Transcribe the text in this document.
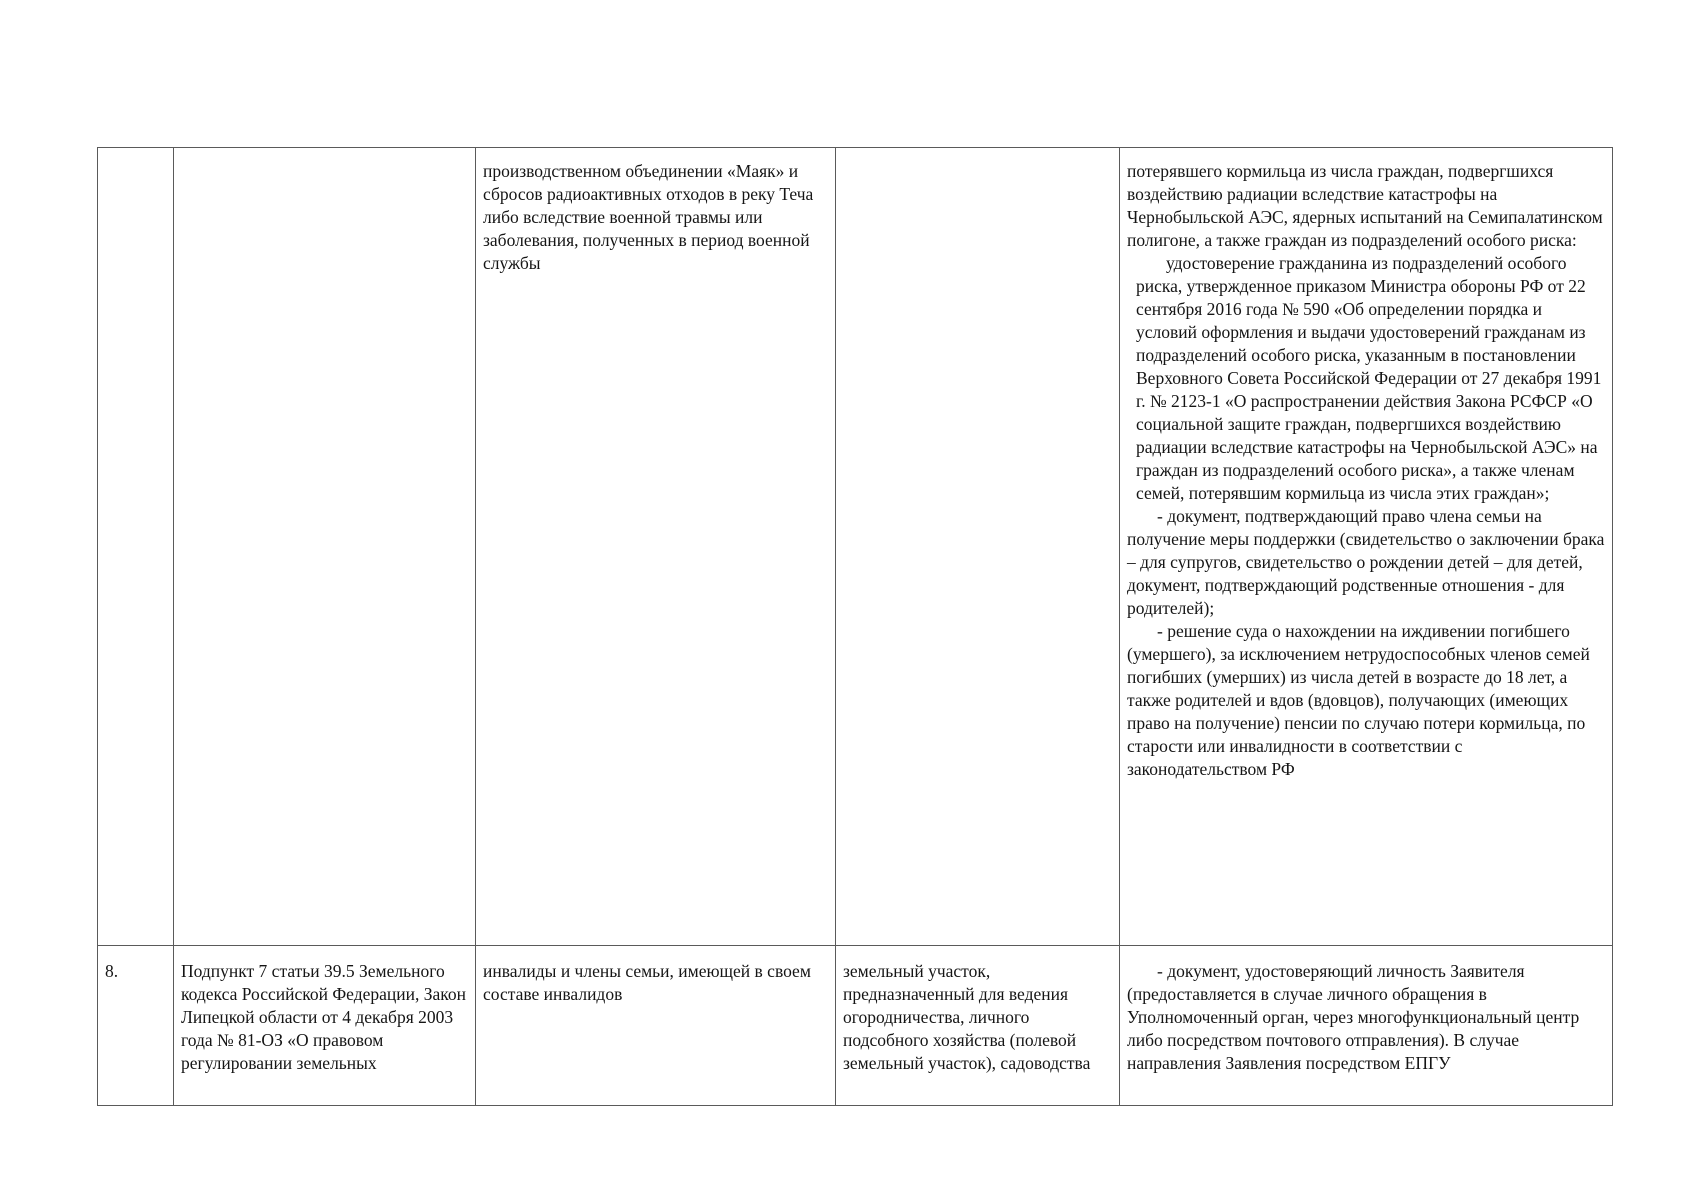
		производственном объединении «Маяк» и сбросов радиоактивных отходов в реку Теча либо вследствие военной травмы или заболевания, полученных в период военной службы		потерявшего кормильца из числа граждан, подвергшихся воздействию радиации вследствие катастрофы на Чернобыльской АЭС, ядерных испытаний на Семипалатинском полигоне, а также граждан из подразделений особого риска:

удостоверение гражданина из подразделений особого риска, утвержденное приказом Министра обороны РФ от 22 сентября 2016 года № 590 «Об определении порядка и условий оформления и выдачи удостоверений гражданам из подразделений особого риска, указанным в постановлении Верховного Совета Российской Федерации от 27 декабря 1991 г. № 2123-1 «О распространении действия Закона РСФСР «О социальной защите граждан, подвергшихся воздействию радиации вследствие катастрофы на Чернобыльской АЭС» на граждан из подразделений особого риска», а также членам семей, потерявшим кормильца из числа этих граждан»;

- документ, подтверждающий право члена семьи на получение меры поддержки (свидетельство о заключении брака – для супругов, свидетельство о рождении детей – для детей, документ, подтверждающий родственные отношения - для родителей);

- решение суда о нахождении на иждивении погибшего (умершего), за исключением нетрудоспособных членов семей погибших (умерших) из числа детей в возрасте до 18 лет, а также родителей и вдов (вдовцов), получающих (имеющих право на получение) пенсии по случаю потери кормильца, по старости или инвалидности в соответствии с законодательством РФ

8.	Подпункт 7 статьи 39.5 Земельного кодекса Российской Федерации, Закон Липецкой области от 4 декабря 2003 года № 81-ОЗ «О правовом регулировании земельных	инвалиды и члены семьи, имеющей в своем составе инвалидов	земельный участок, предназначенный для ведения огородничества, личного подсобного хозяйства (полевой земельный участок), садоводства	- документ, удостоверяющий личность Заявителя (предоставляется в случае личного обращения в Уполномоченный орган, через многофункциональный центр либо посредством почтового отправления). В случае направления Заявления посредством ЕПГУ
